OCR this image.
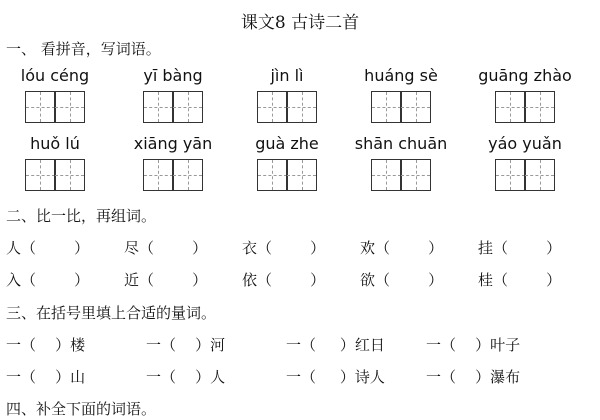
课文8 古诗二首
一、 看拼音，写词语。
lóu céng	yī bàng	jìn lì	huáng sè	guāng zhào
huǒ lú	xiāng yān	guà zhe	shān chuān	yáo yuǎn
二、比一比，再组词。
人（        ）	尽（        ）	衣（        ）	欢（        ）	挂（        ）
入（        ）	近（        ）	依（        ）	欲（        ）	桂（        ）
三、在括号里填上合适的量词。
一（    ）楼	一（    ）河	一（     ）红日	一（    ）叶子
一（    ）山	一（    ）人	一（     ）诗人	一（    ）瀑布
四、补全下面的词语。
